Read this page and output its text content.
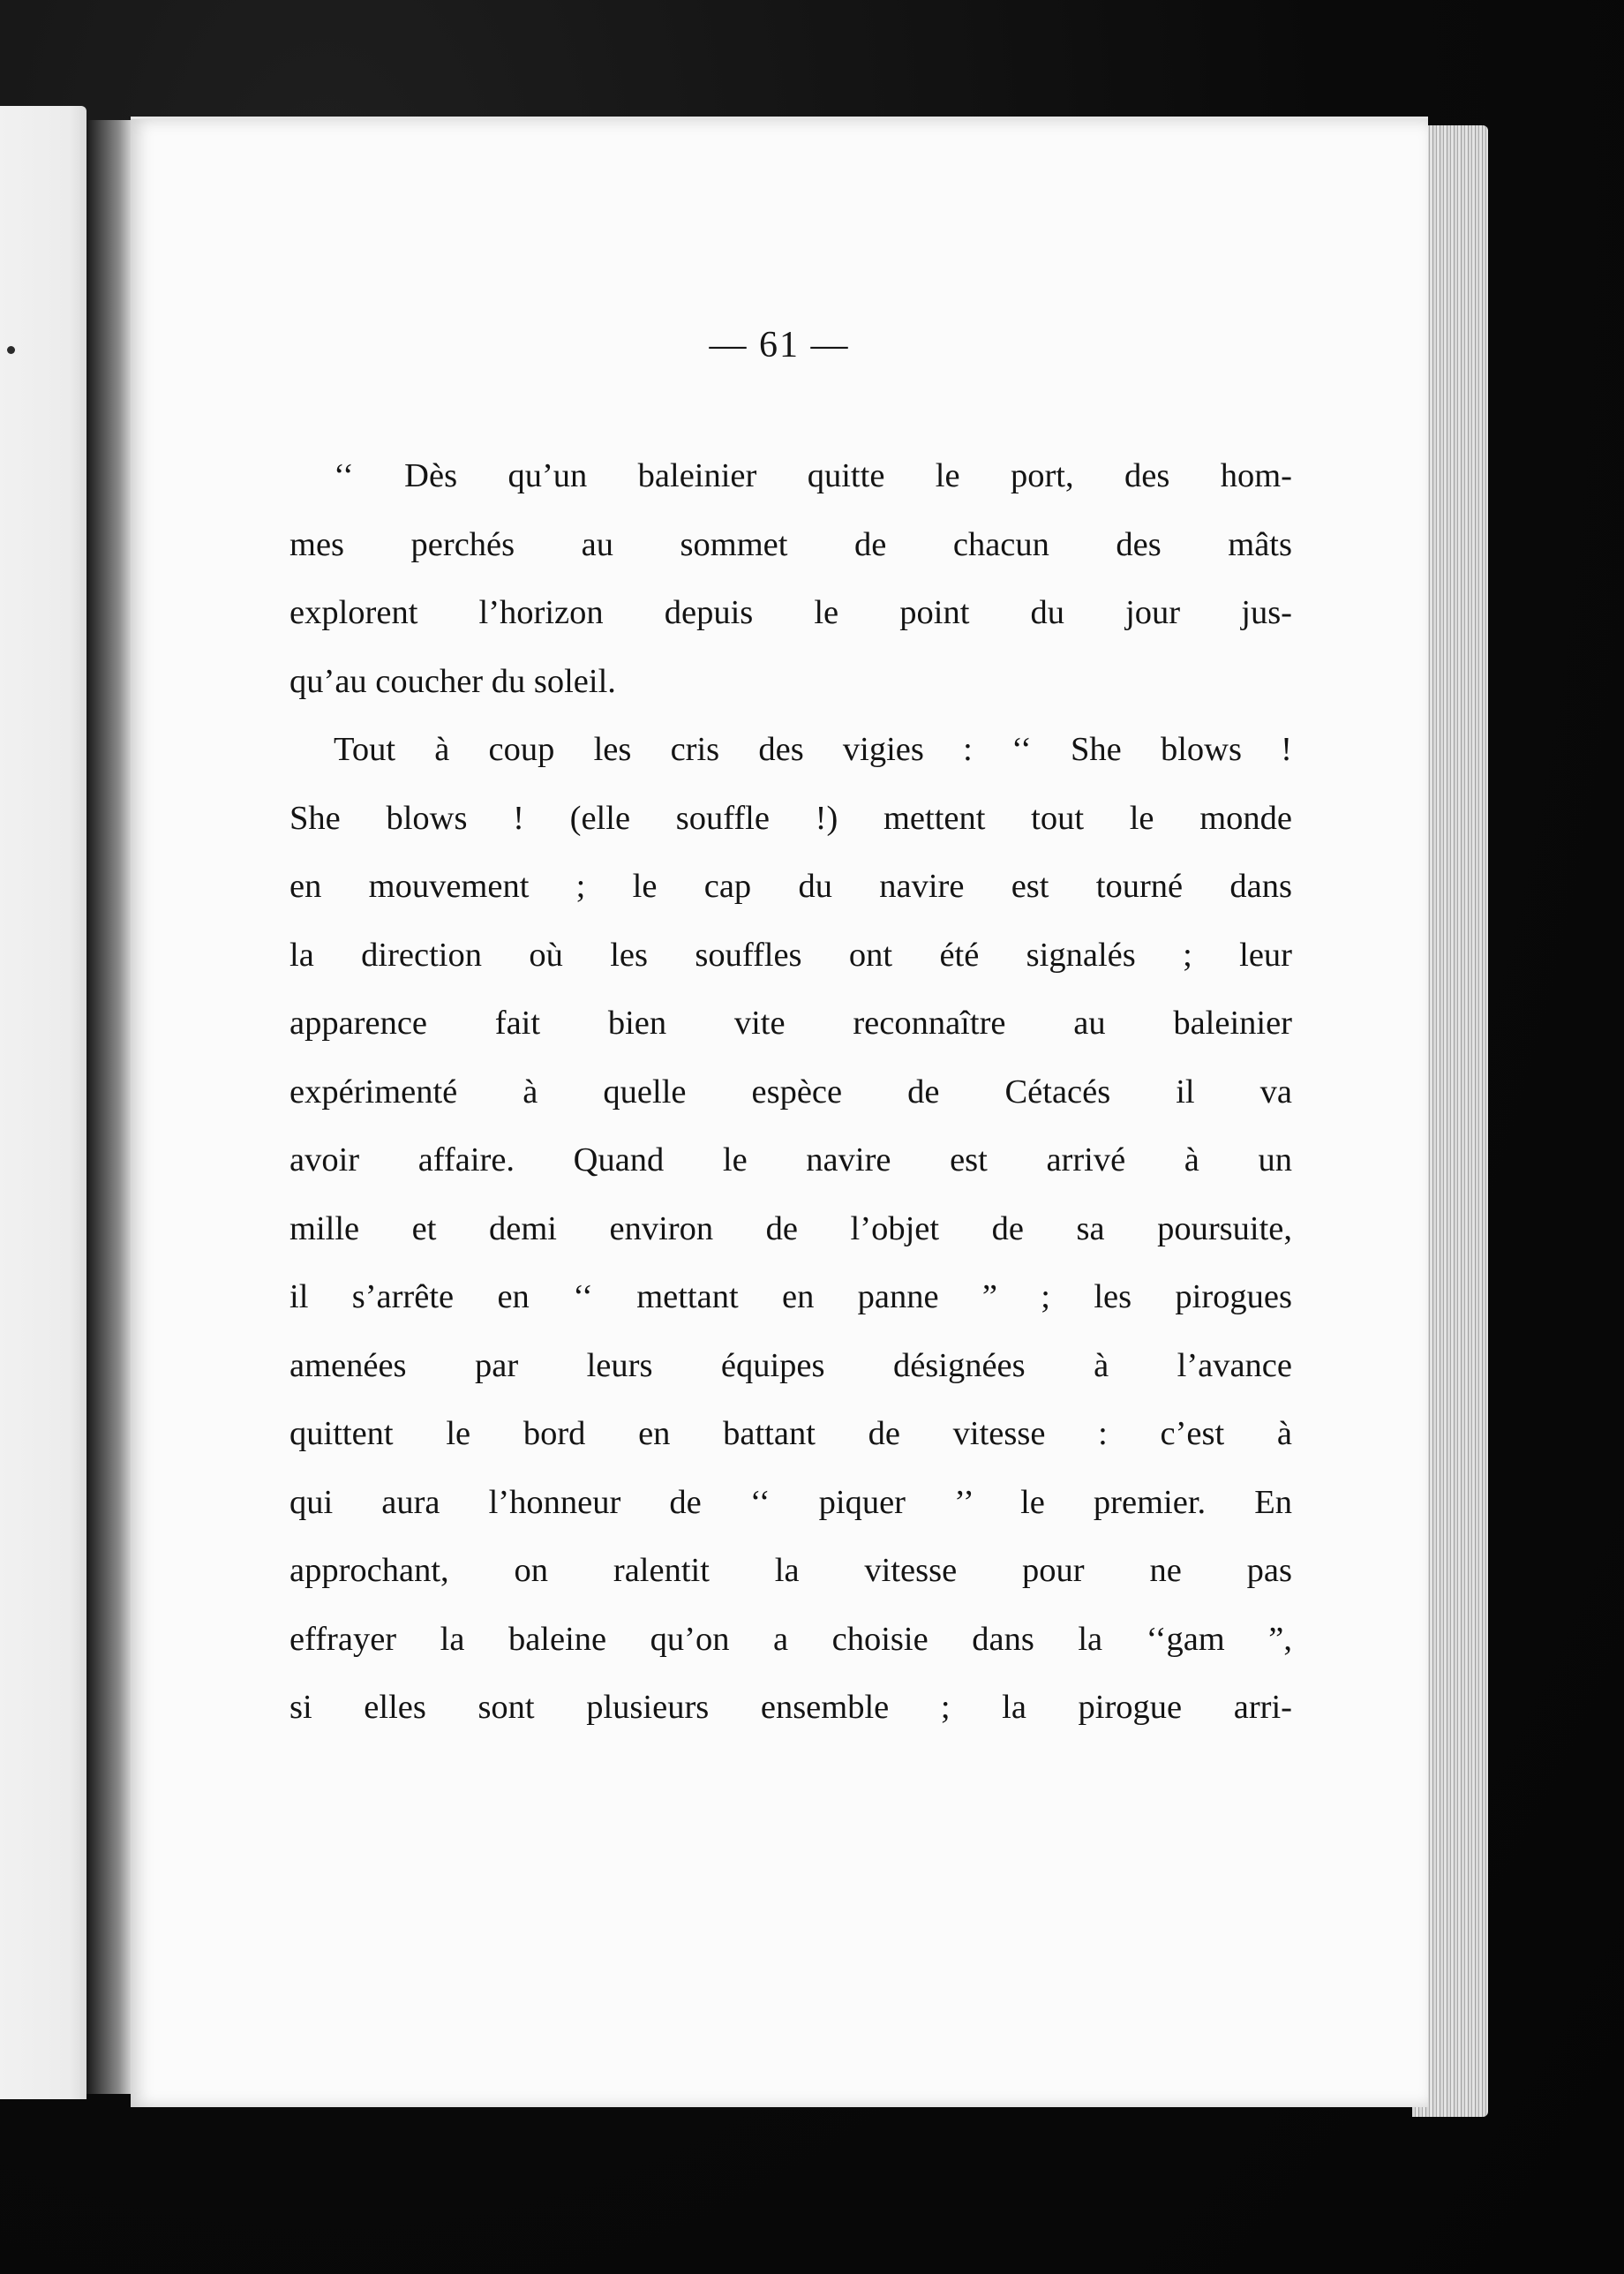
— 61 —
‘‘ Dès qu’un baleinier quitte le port, des hom-
mes perchés au sommet de chacun des mâts
explorent l’horizon depuis le point du jour jus-
qu’au coucher du soleil.
Tout à coup les cris des vigies : ‘‘ She blows !
She blows ! (elle souffle !) mettent tout le monde
en mouvement ; le cap du navire est tourné dans
la direction où les souffles ont été signalés ; leur
apparence fait bien vite reconnaître au baleinier
expérimenté à quelle espèce de Cétacés il va
avoir affaire. Quand le navire est arrivé à un
mille et demi environ de l’objet de sa poursuite,
il s’arrête en ‘‘ mettant en panne ” ; les pirogues
amenées par leurs équipes désignées à l’avance
quittent le bord en battant de vitesse : c’est à
qui aura l’honneur de ‘‘ piquer ’’ le premier. En
approchant, on ralentit la vitesse pour ne pas
effrayer la baleine qu’on a choisie dans la ‘‘gam ”,
si elles sont plusieurs ensemble ; la pirogue arri-
